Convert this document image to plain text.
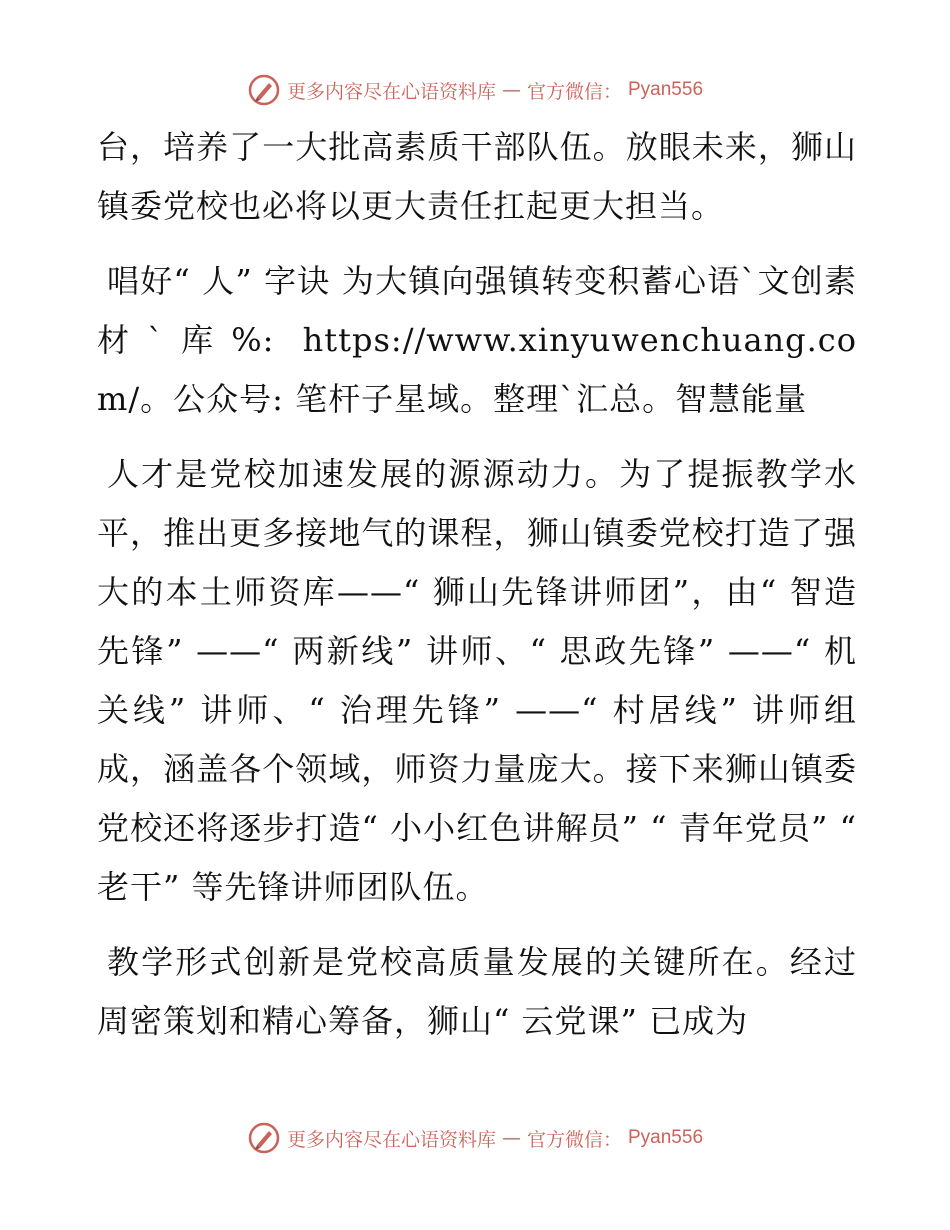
更多内容尽在心语资料库 — 官方微信： Pyan556

台，培养了一大批高素质干部队伍。放眼未来，狮山镇委党校也必将以更大责任扛起更大担当。

唱好“ 人” 字诀 为大镇向强镇转变积蓄心语`文创素材`库%: https://www.xinyuwenchuang.com/。公众号: 笔杆子星域。整理`汇总。智慧能量

人才是党校加速发展的源源动力。为了提振教学水平，推出更多接地气的课程，狮山镇委党校打造了强大的本土师资库——“ 狮山先锋讲师团”，由“ 智造先锋” ——“ 两新线” 讲师、“ 思政先锋” ——“ 机关线” 讲师、“ 治理先锋” ——“ 村居线” 讲师组成，涵盖各个领域，师资力量庞大。接下来狮山镇委党校还将逐步打造“ 小小红色讲解员” “ 青年党员” “ 老干” 等先锋讲师团队伍。

教学形式创新是党校高质量发展的关键所在。经过周密策划和精心筹备，狮山“ 云党课” 已成为

更多内容尽在心语资料库 — 官方微信： Pyan556
